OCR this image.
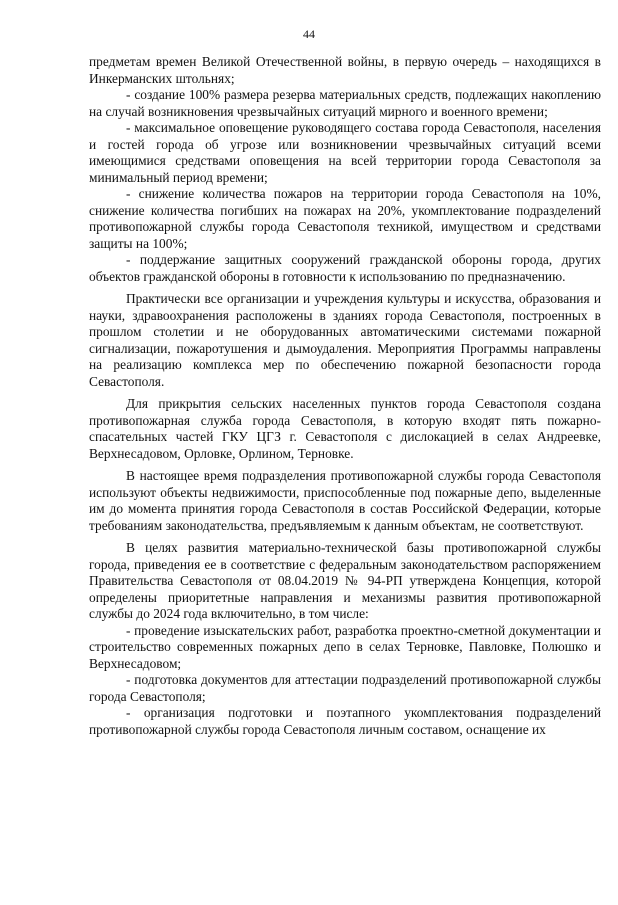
44

предметам времен Великой Отечественной войны, в первую очередь – находящихся в Инкерманских штольнях;

- создание 100% размера резерва материальных средств, подлежащих накоплению на случай возникновения чрезвычайных ситуаций мирного и военного времени;

- максимальное оповещение руководящего состава города Севастополя, населения и гостей города об угрозе или возникновении чрезвычайных ситуаций всеми имеющимися средствами оповещения на всей территории города Севастополя за минимальный период времени;

- снижение количества пожаров на территории города Севастополя на 10%, снижение количества погибших на пожарах на 20%, укомплектование подразделений противопожарной службы города Севастополя техникой, имуществом и средствами защиты на 100%;

- поддержание защитных сооружений гражданской обороны города, других объектов гражданской обороны в готовности к использованию по предназначению.

Практически все организации и учреждения культуры и искусства, образования и науки, здравоохранения расположены в зданиях города Севастополя, построенных в прошлом столетии и не оборудованных автоматическими системами пожарной сигнализации, пожаротушения и дымоудаления. Мероприятия Программы направлены на реализацию комплекса мер по обеспечению пожарной безопасности города Севастополя.

Для прикрытия сельских населенных пунктов города Севастополя создана противопожарная служба города Севастополя, в которую входят пять пожарно-спасательных частей ГКУ ЦГЗ г. Севастополя с дислокацией в селах Андреевке, Верхнесадовом, Орловке, Орлином, Терновке.

В настоящее время подразделения противопожарной службы города Севастополя используют объекты недвижимости, приспособленные под пожарные депо, выделенные им до момента принятия города Севастополя в состав Российской Федерации, которые требованиям законодательства, предъявляемым к данным объектам, не соответствуют.

В целях развития материально-технической базы противопожарной службы города, приведения ее в соответствие с федеральным законодательством распоряжением Правительства Севастополя от 08.04.2019 № 94-РП утверждена Концепция, которой определены приоритетные направления и механизмы развития противопожарной службы до 2024 года включительно, в том числе:

- проведение изыскательских работ, разработка проектно-сметной документации и строительство современных пожарных депо в селах Терновке, Павловке, Полюшко и Верхнесадовом;

- подготовка документов для аттестации подразделений противопожарной службы города Севастополя;

- организация подготовки и поэтапного укомплектования подразделений противопожарной службы города Севастополя личным составом, оснащение их
